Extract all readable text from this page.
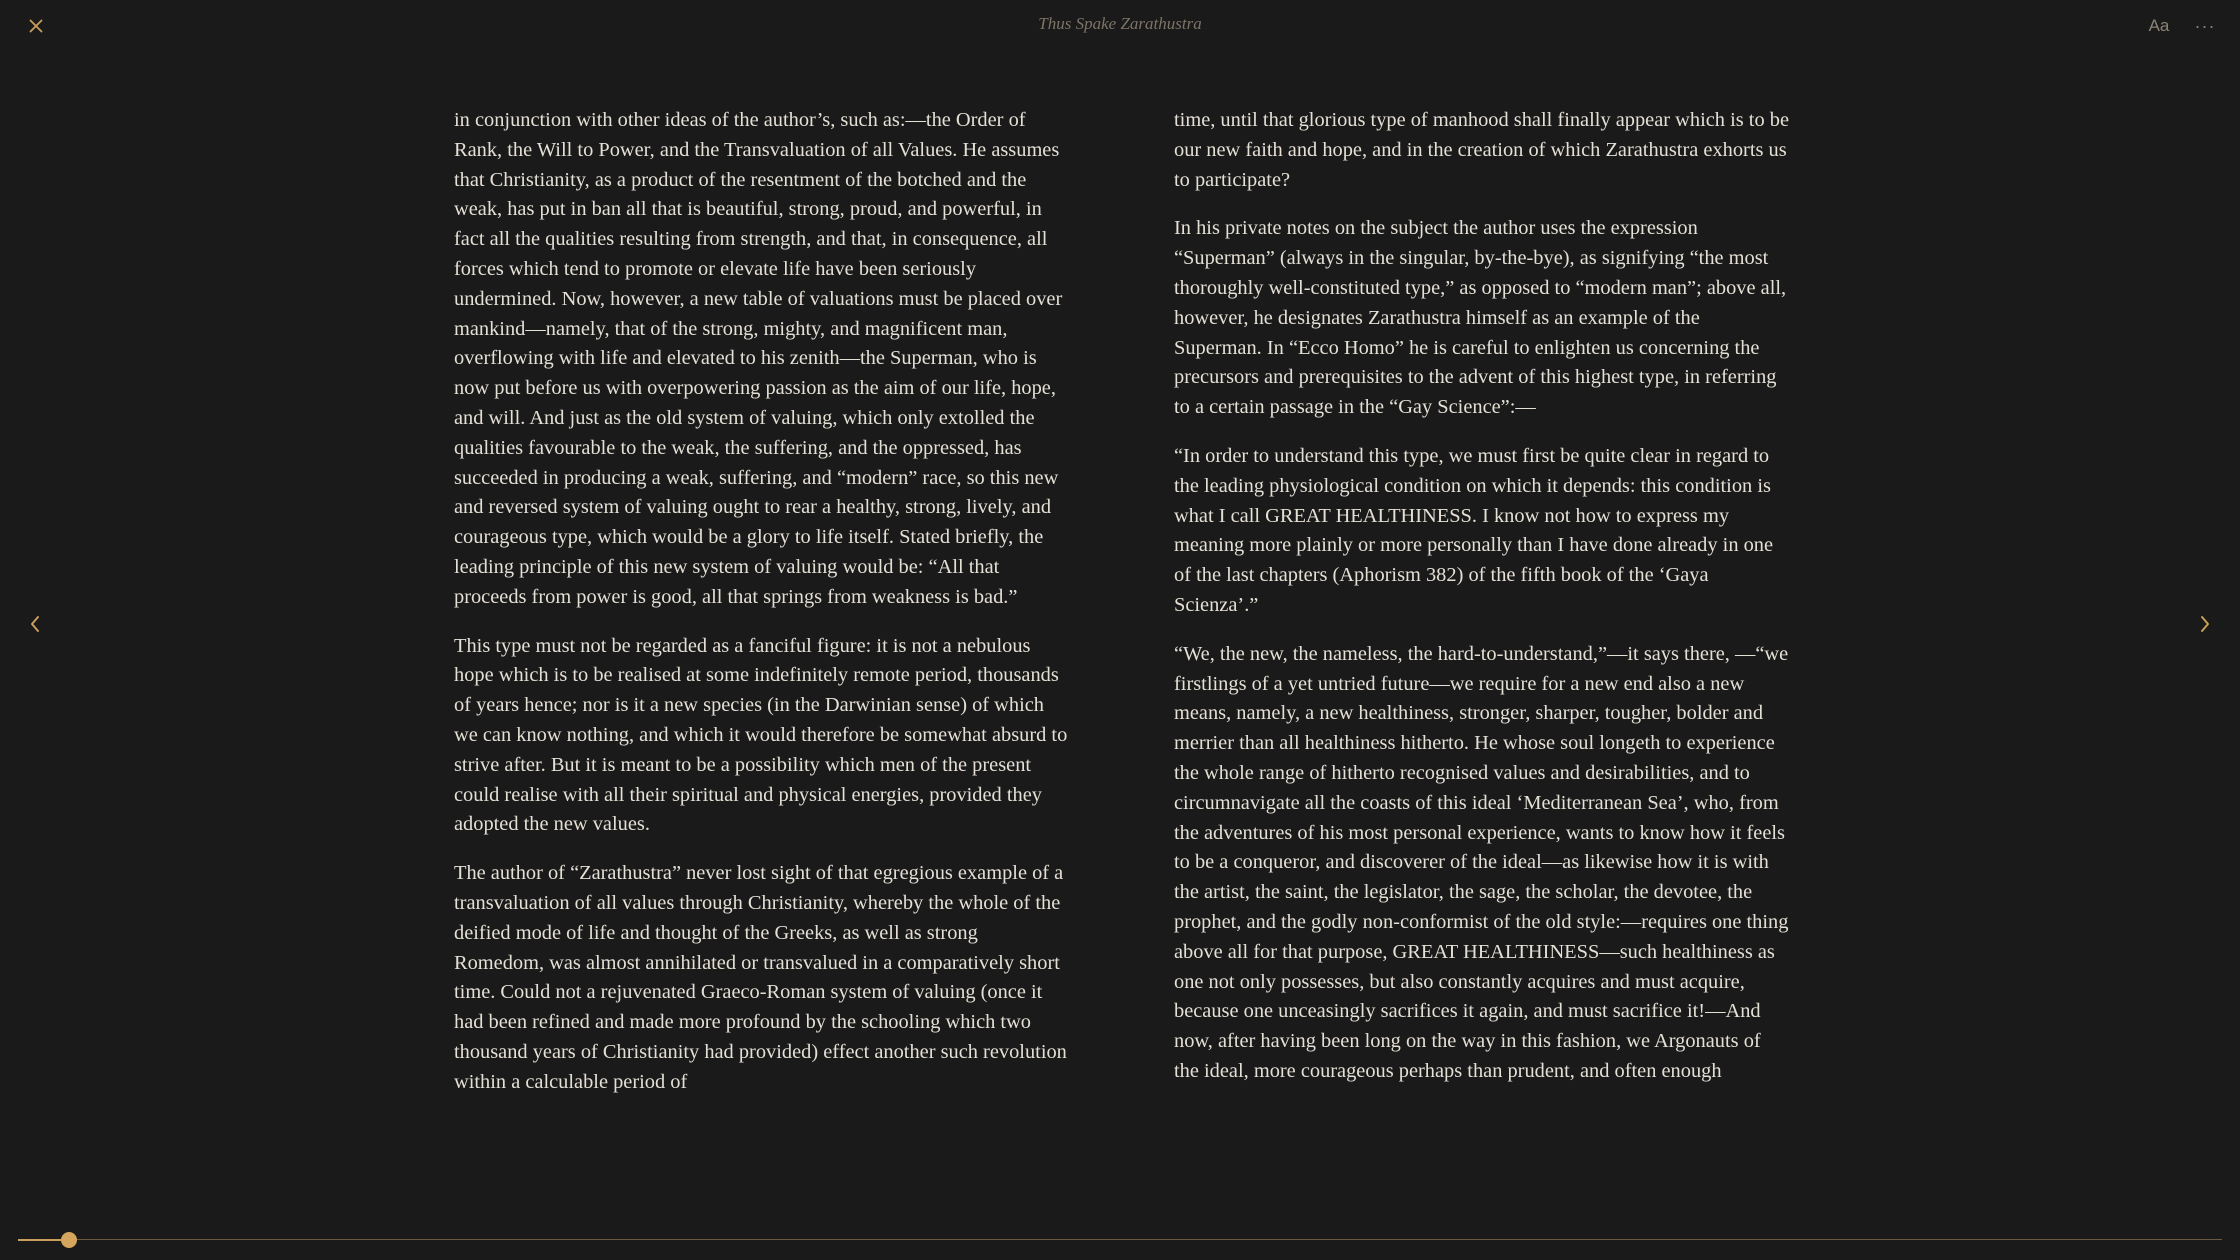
Thus Spake Zarathustra	Aa ···

in conjunction with other ideas of the author’s, such as:—the Order of Rank, the Will to Power, and the Transvaluation of all Values. He assumes that Christianity, as a product of the resentment of the botched and the weak, has put in ban all that is beautiful, strong, proud, and powerful, in fact all the qualities resulting from strength, and that, in consequence, all forces which tend to promote or elevate life have been seriously undermined. Now, however, a new table of valuations must be placed over mankind—namely, that of the strong, mighty, and magnificent man, overflowing with life and elevated to his zenith—the Superman, who is now put before us with overpowering passion as the aim of our life, hope, and will. And just as the old system of valuing, which only extolled the qualities favourable to the weak, the suffering, and the oppressed, has succeeded in producing a weak, suffering, and “modern” race, so this new and reversed system of valuing ought to rear a healthy, strong, lively, and courageous type, which would be a glory to life itself. Stated briefly, the leading principle of this new system of valuing would be: “All that proceeds from power is good, all that springs from weakness is bad.”

This type must not be regarded as a fanciful figure: it is not a nebulous hope which is to be realised at some indefinitely remote period, thousands of years hence; nor is it a new species (in the Darwinian sense) of which we can know nothing, and which it would therefore be somewhat absurd to strive after. But it is meant to be a possibility which men of the present could realise with all their spiritual and physical energies, provided they adopted the new values.

The author of “Zarathustra” never lost sight of that egregious example of a transvaluation of all values through Christianity, whereby the whole of the deified mode of life and thought of the Greeks, as well as strong Romedom, was almost annihilated or transvalued in a comparatively short time. Could not a rejuvenated Graeco-Roman system of valuing (once it had been refined and made more profound by the schooling which two thousand years of Christianity had provided) effect another such revolution within a calculable period of

time, until that glorious type of manhood shall finally appear which is to be our new faith and hope, and in the creation of which Zarathustra exhorts us to participate?

In his private notes on the subject the author uses the expression “Superman” (always in the singular, by-the-bye), as signifying “the most thoroughly well-constituted type,” as opposed to “modern man”; above all, however, he designates Zarathustra himself as an example of the Superman. In “Ecco Homo” he is careful to enlighten us concerning the precursors and prerequisites to the advent of this highest type, in referring to a certain passage in the “Gay Science”:—

“In order to understand this type, we must first be quite clear in regard to the leading physiological condition on which it depends: this condition is what I call GREAT HEALTHINESS. I know not how to express my meaning more plainly or more personally than I have done already in one of the last chapters (Aphorism 382) of the fifth book of the ‘Gaya Scienza’.”

“We, the new, the nameless, the hard-to-understand,”—it says there, —“we firstlings of a yet untried future—we require for a new end also a new means, namely, a new healthiness, stronger, sharper, tougher, bolder and merrier than all healthiness hitherto. He whose soul longeth to experience the whole range of hitherto recognised values and desirabilities, and to circumnavigate all the coasts of this ideal ‘Mediterranean Sea’, who, from the adventures of his most personal experience, wants to know how it feels to be a conqueror, and discoverer of the ideal—as likewise how it is with the artist, the saint, the legislator, the sage, the scholar, the devotee, the prophet, and the godly non-conformist of the old style:—requires one thing above all for that purpose, GREAT HEALTHINESS—such healthiness as one not only possesses, but also constantly acquires and must acquire, because one unceasingly sacrifices it again, and must sacrifice it!—And now, after having been long on the way in this fashion, we Argonauts of the ideal, more courageous perhaps than prudent, and often enough
